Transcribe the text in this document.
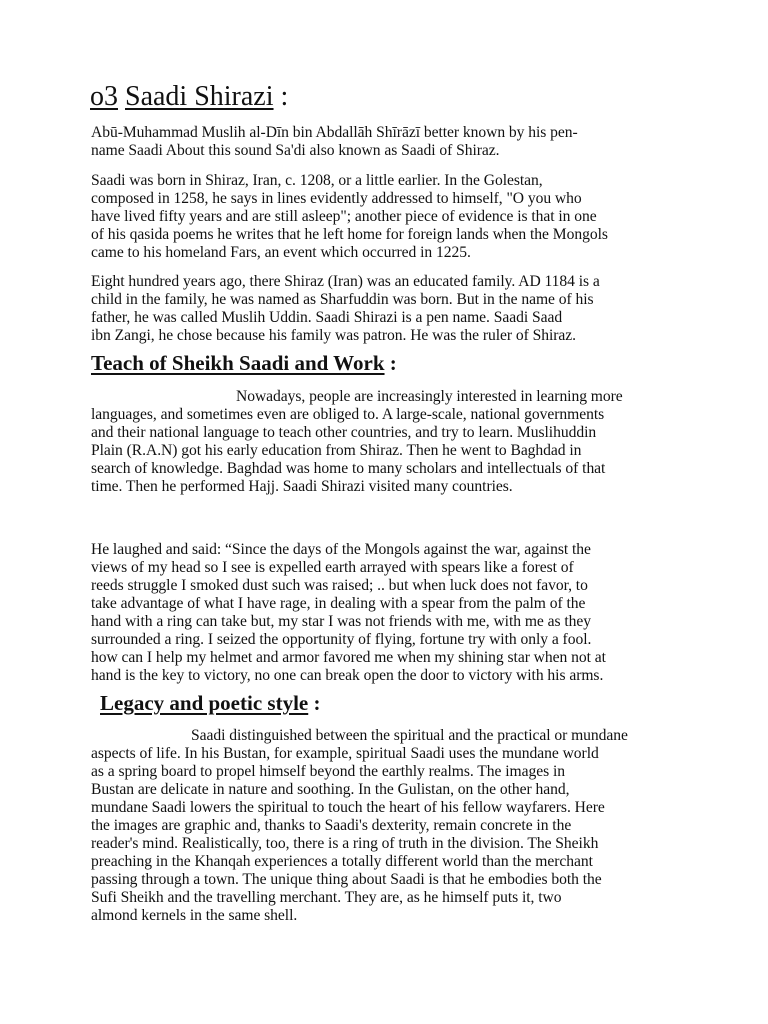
o3 Saadi Shirazi :

Abū-Muhammad Muslih al-Dīn bin Abdallāh Shīrāzī better known by his pen-
name Saadi About this sound Sa'di also known as Saadi of Shiraz.

Saadi was born in Shiraz, Iran, c. 1208, or a little earlier. In the Golestan,
composed in 1258, he says in lines evidently addressed to himself, "O you who
have lived fifty years and are still asleep"; another piece of evidence is that in one
of his qasida poems he writes that he left home for foreign lands when the Mongols
came to his homeland Fars, an event which occurred in 1225.

Eight hundred years ago, there Shiraz (Iran) was an educated family. AD 1184 is a
child in the family, he was named as Sharfuddin was born. But in the name of his
father, he was called Muslih Uddin. Saadi Shirazi is a pen name. Saadi Saad
ibn Zangi, he chose because his family was patron. He was the ruler of Shiraz.

Teach of Sheikh Saadi and Work :

Nowadays, people are increasingly interested in learning more
languages, and sometimes even are obliged to. A large-scale, national governments
and their national language to teach other countries, and try to learn. Muslihuddin
Plain (R.A.N) got his early education from Shiraz. Then he went to Baghdad in
search of knowledge. Baghdad was home to many scholars and intellectuals of that
time. Then he performed Hajj. Saadi Shirazi visited many countries.

He laughed and said: “Since the days of the Mongols against the war, against the
views of my head so I see is expelled earth arrayed with spears like a forest of
reeds struggle I smoked dust such was raised; .. but when luck does not favor, to
take advantage of what I have rage, in dealing with a spear from the palm of the
hand with a ring can take but, my star I was not friends with me, with me as they
surrounded a ring. I seized the opportunity of flying, fortune try with only a fool.
how can I help my helmet and armor favored me when my shining star when not at
hand is the key to victory, no one can break open the door to victory with his arms.

Legacy and poetic style :

Saadi distinguished between the spiritual and the practical or mundane
aspects of life. In his Bustan, for example, spiritual Saadi uses the mundane world
as a spring board to propel himself beyond the earthly realms. The images in
Bustan are delicate in nature and soothing. In the Gulistan, on the other hand,
mundane Saadi lowers the spiritual to touch the heart of his fellow wayfarers. Here
the images are graphic and, thanks to Saadi's dexterity, remain concrete in the
reader's mind. Realistically, too, there is a ring of truth in the division. The Sheikh
preaching in the Khanqah experiences a totally different world than the merchant
passing through a town. The unique thing about Saadi is that he embodies both the
Sufi Sheikh and the travelling merchant. They are, as he himself puts it, two
almond kernels in the same shell.
